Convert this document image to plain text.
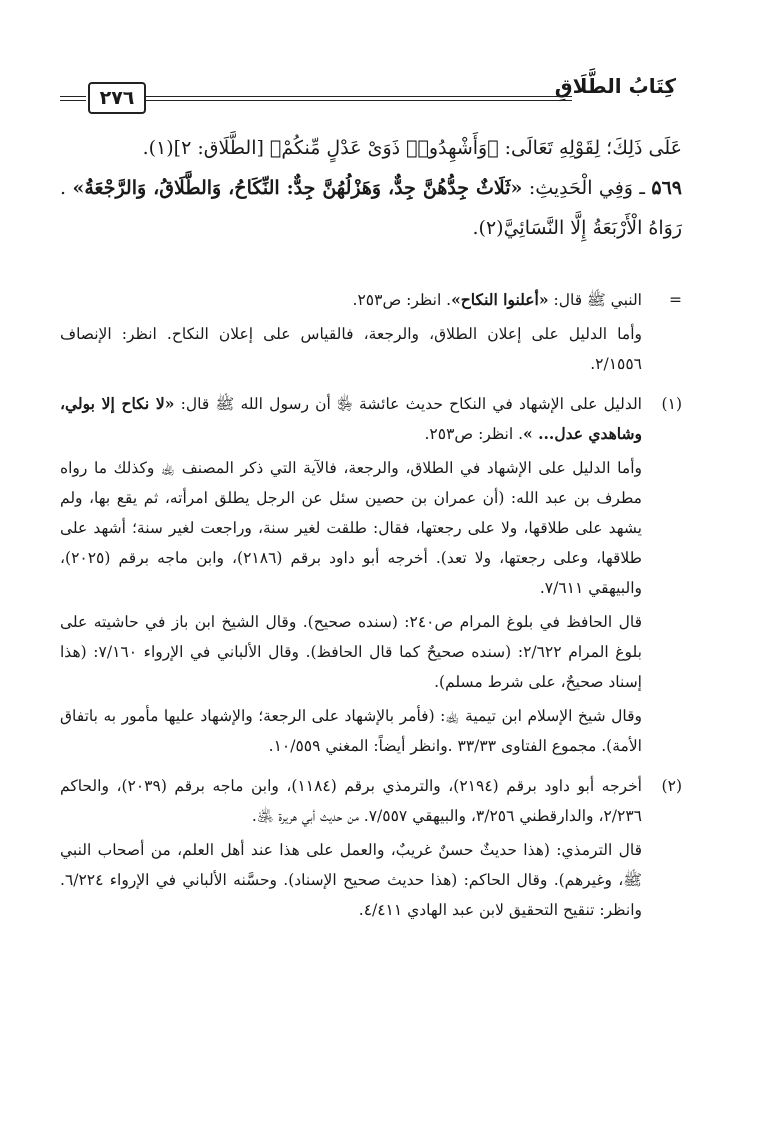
كِتَابُ الطَّلَاقِ
٢٧٦
عَلَى ذَلِكَ؛ لِقَوْلِهِ تَعَالَى: ﴿وَأَشْهِدُوا۟ ذَوَىْ عَدْلٍ مِّنكُمْ﴾ [الطَّلَاق: ٢](١).
۵٦٩ ـ وَفِي الْحَدِيثِ: «ثَلَاثٌ جِدُّهُنَّ جِدٌّ، وَهَزْلُهُنَّ جِدٌّ: النِّكَاحُ، وَالطَّلَاقُ، وَالرَّجْعَةُ» . رَوَاهُ الْأَرْبَعَةُ إِلَّا النَّسَائِيَّ(٢).
=

النبي ﷺ قال: «أعلنوا النكاح». انظر: ص٢٥٣.

وأما الدليل على إعلان الطلاق، والرجعة، فالقياس على إعلان النكاح. انظر: الإنصاف ٢/١٥٥٦.

(١)

الدليل على الإشهاد في النكاح حديث عائشة ﵂ أن رسول الله ﷺ قال: «لا نكاح إلا بولي، وشاهدي عدل... ». انظر: ص٢٥٣.

وأما الدليل على الإشهاد في الطلاق، والرجعة، فالآية التي ذكر المصنف ﵀ وكذلك ما رواه مطرف بن عبد الله: (أن عمران بن حصين سئل عن الرجل يطلق امرأته، ثم يقع بها، ولم يشهد على طلاقها، ولا على رجعتها، فقال: طلقت لغير سنة، وراجعت لغير سنة؛ أشهد على طلاقها، وعلى رجعتها، ولا تعد). أخرجه أبو داود برقم (٢١٨٦)، وابن ماجه برقم (٢٠٢٥)، والبيهقي ٧/٦١١.

قال الحافظ في بلوغ المرام ص٢٤٠: (سنده صحيح). وقال الشيخ ابن باز في حاشيته على بلوغ المرام ٢/٦٢٢: (سنده صحيحٌ كما قال الحافظ). وقال الألباني في الإرواء ٧/١٦٠: (هذا إسناد صحيحٌ، على شرط مسلم).

وقال شيخ الإسلام ابن تيمية ﵀: (فأمر بالإشهاد على الرجعة؛ والإشهاد عليها مأمور به باتفاق الأمة). مجموع الفتاوى ٣٣/٣٣ .وانظر أيضاً: المغني ١٠/٥٥٩.

(٢)

أخرجه أبو داود برقم (٢١٩٤)، والترمذي برقم (١١٨٤)، وابن ماجه برقم (٢٠٣٩)، والحاكم ٢/٢٣٦، والدارقطني ٣/٢٥٦، والبيهقي ٧/٥٥٧. من حديث أبي هريرة ﵁.

قال الترمذي: (هذا حديثٌ حسنٌ غريبٌ، والعمل على هذا عند أهل العلم، من أصحاب النبي ﷺ، وغيرهم). وقال الحاكم: (هذا حديث صحيح الإسناد). وحسَّنه الألباني في الإرواء ٦/٢٢٤. وانظر: تنقيح التحقيق لابن عبد الهادي ٤/٤١١.
